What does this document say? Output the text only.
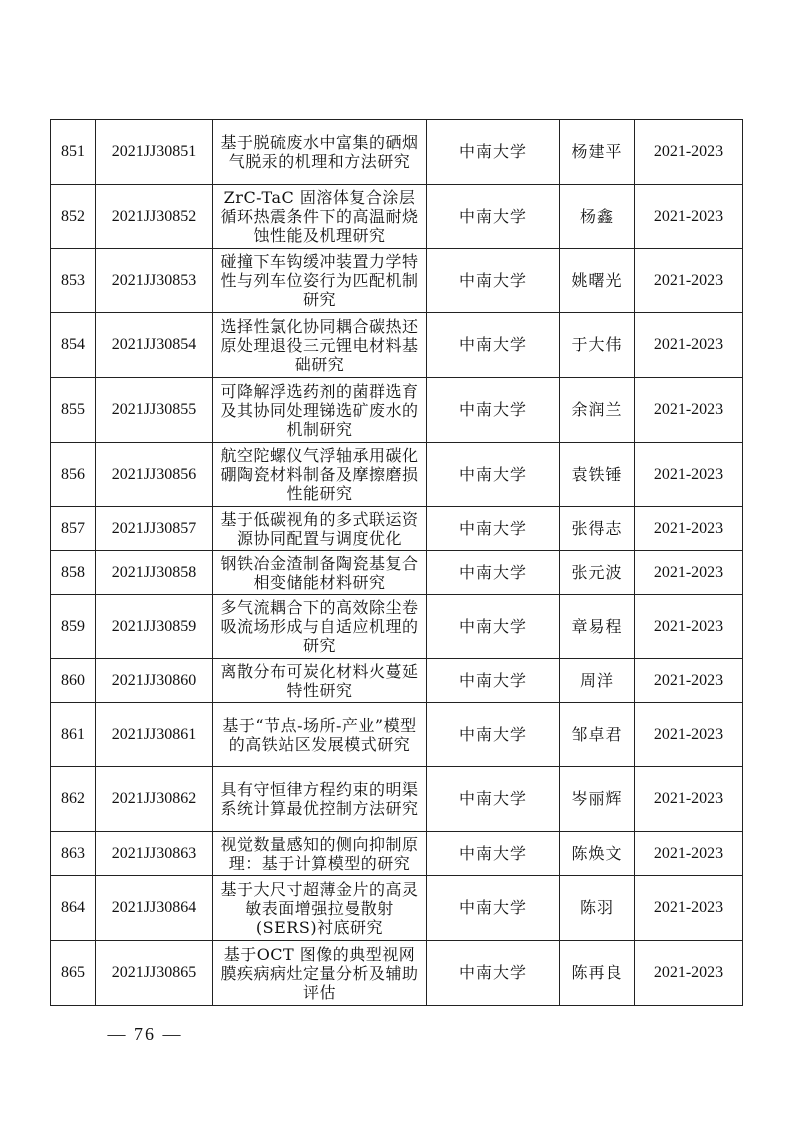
851	2021JJ30851	基于脱硫废水中富集的硒烟气脱汞的机理和方法研究	中南大学	杨建平	2021-2023
852	2021JJ30852	ZrC-TaC 固溶体复合涂层循环热震条件下的高温耐烧蚀性能及机理研究	中南大学	杨鑫	2021-2023
853	2021JJ30853	碰撞下车钩缓冲装置力学特性与列车位姿行为匹配机制研究	中南大学	姚曙光	2021-2023
854	2021JJ30854	选择性氯化协同耦合碳热还原处理退役三元锂电材料基础研究	中南大学	于大伟	2021-2023
855	2021JJ30855	可降解浮选药剂的菌群选育及其协同处理锑选矿废水的机制研究	中南大学	余润兰	2021-2023
856	2021JJ30856	航空陀螺仪气浮轴承用碳化硼陶瓷材料制备及摩擦磨损性能研究	中南大学	袁铁锤	2021-2023
857	2021JJ30857	基于低碳视角的多式联运资源协同配置与调度优化	中南大学	张得志	2021-2023
858	2021JJ30858	钢铁冶金渣制备陶瓷基复合相变储能材料研究	中南大学	张元波	2021-2023
859	2021JJ30859	多气流耦合下的高效除尘卷吸流场形成与自适应机理的研究	中南大学	章易程	2021-2023
860	2021JJ30860	离散分布可炭化材料火蔓延特性研究	中南大学	周洋	2021-2023
861	2021JJ30861	基于“节点-场所-产业”模型的高铁站区发展模式研究	中南大学	邹卓君	2021-2023
862	2021JJ30862	具有守恒律方程约束的明渠系统计算最优控制方法研究	中南大学	岑丽辉	2021-2023
863	2021JJ30863	视觉数量感知的侧向抑制原理：基于计算模型的研究	中南大学	陈焕文	2021-2023
864	2021JJ30864	基于大尺寸超薄金片的高灵敏表面增强拉曼散射(SERS)衬底研究	中南大学	陈羽	2021-2023
865	2021JJ30865	基于OCT 图像的典型视网膜疾病病灶定量分析及辅助评估	中南大学	陈再良	2021-2023
— 76 —
